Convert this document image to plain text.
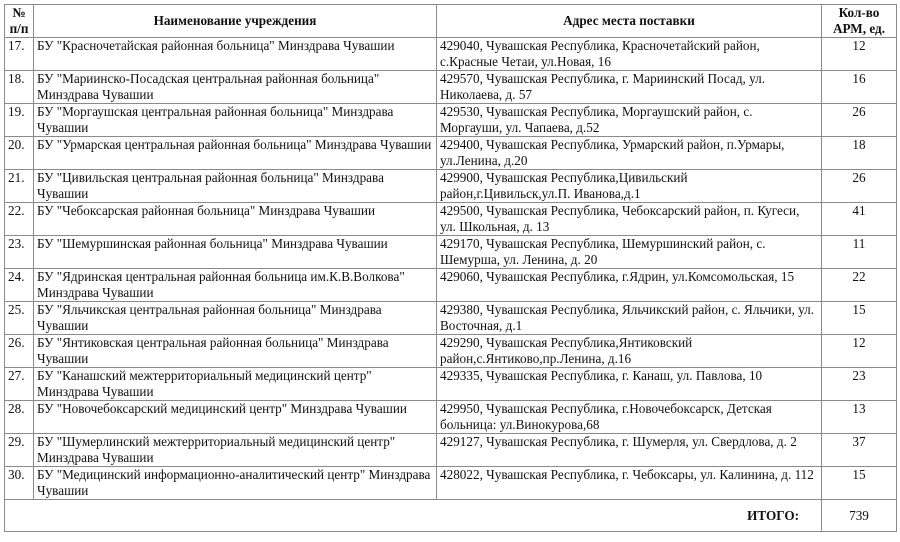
№ п/п	Наименование учреждения	Адрес места поставки	Кол-во АРМ, ед.
17.	БУ "Красночетайская районная больница" Минздрава Чувашии	429040, Чувашская Республика, Красночетайский район, с.Красные Четаи, ул.Новая, 16	12
18.	БУ "Мариинско-Посадская центральная районная больница" Минздрава Чувашии	429570, Чувашская Республика, г. Мариинский Посад, ул. Николаева, д. 57	16
19.	БУ "Моргаушская центральная районная больница" Минздрава Чувашии	429530, Чувашская Республика, Моргаушский район, с. Моргауши, ул. Чапаева, д.52	26
20.	БУ "Урмарская центральная районная больница" Минздрава Чувашии	429400, Чувашская Республика, Урмарский район, п.Урмары, ул.Ленина, д.20	18
21.	БУ "Цивильская центральная районная больница" Минздрава Чувашии	429900, Чувашская Республика,Цивильский район,г.Цивильск,ул.П. Иванова,д.1	26
22.	БУ "Чебоксарская районная больница" Минздрава Чувашии	429500, Чувашская Республика, Чебоксарский район, п. Кугеси, ул. Школьная, д. 13	41
23.	БУ "Шемуршинская районная больница" Минздрава Чувашии	429170, Чувашская Республика, Шемуршинский район, с. Шемурша, ул. Ленина, д. 20	11
24.	БУ "Ядринская центральная районная больница им.К.В.Волкова" Минздрава Чувашии	429060, Чувашская Республика, г.Ядрин, ул.Комсомольская, 15	22
25.	БУ "Яльчикская центральная районная больница" Минздрава Чувашии	429380, Чувашская Республика, Яльчикский район, с. Яльчики, ул. Восточная, д.1	15
26.	БУ "Янтиковская центральная районная больница" Минздрава Чувашии	429290, Чувашская Республика,Янтиковский район,с.Янтиково,пр.Ленина, д.16	12
27.	БУ "Канашский межтерриториальный медицинский центр" Минздрава Чувашии	429335, Чувашская Республика, г. Канаш, ул. Павлова, 10	23
28.	БУ "Новочебоксарский медицинский центр" Минздрава Чувашии	429950, Чувашская Республика, г.Новочебоксарск, Детская больница: ул.Винокурова,68	13
29.	БУ "Шумерлинский межтерриториальный медицинский центр" Минздрава Чувашии	429127, Чувашская Республика, г. Шумерля, ул. Свердлова, д. 2	37
30.	БУ "Медицинский информационно-аналитический центр" Минздрава Чувашии	428022, Чувашская Республика, г. Чебоксары, ул. Калинина, д. 112	15
ИТОГО:			739
